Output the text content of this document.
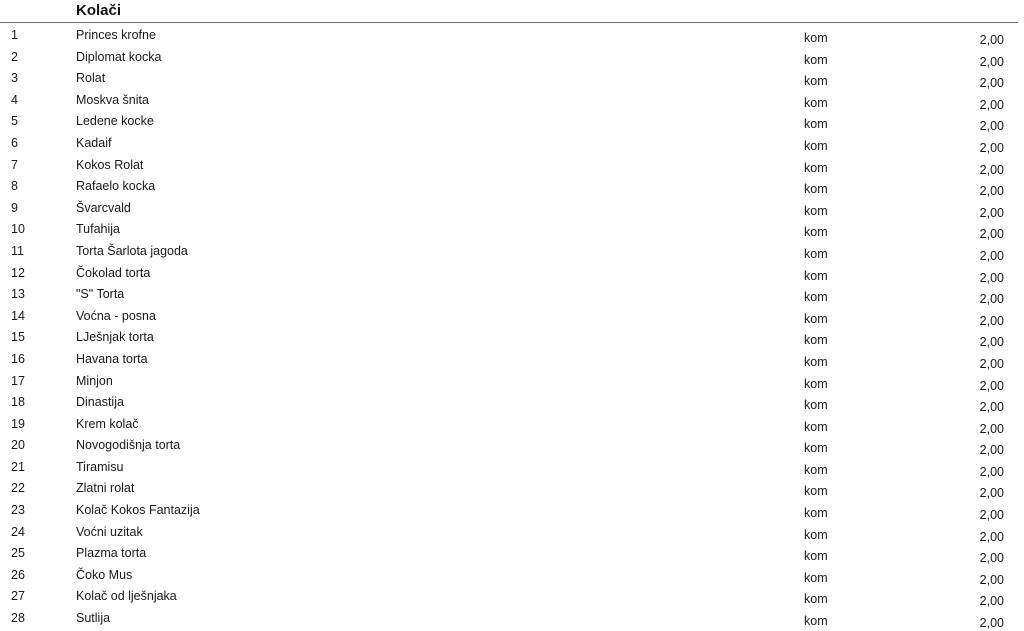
Kolači
1	Princes krofne	kom	2,00
2	Diplomat kocka	kom	2,00
3	Rolat	kom	2,00
4	Moskva šnita	kom	2,00
5	Ledene kocke	kom	2,00
6	Kadaif	kom	2,00
7	Kokos Rolat	kom	2,00
8	Rafaelo kocka	kom	2,00
9	Švarcvald	kom	2,00
10	Tufahija	kom	2,00
11	Torta Šarlota jagoda	kom	2,00
12	Čokolad torta	kom	2,00
13	"S" Torta	kom	2,00
14	Voćna - posna	kom	2,00
15	LJešnjak torta	kom	2,00
16	Havana torta	kom	2,00
17	Minjon	kom	2,00
18	Dinastija	kom	2,00
19	Krem kolač	kom	2,00
20	Novogodišnja torta	kom	2,00
21	Tiramisu	kom	2,00
22	Zlatni rolat	kom	2,00
23	Kolač Kokos Fantazija	kom	2,00
24	Voćni uzitak	kom	2,00
25	Plazma torta	kom	2,00
26	Čoko Mus	kom	2,00
27	Kolač od lješnjaka	kom	2,00
28	Sutlija	kom	2,00
